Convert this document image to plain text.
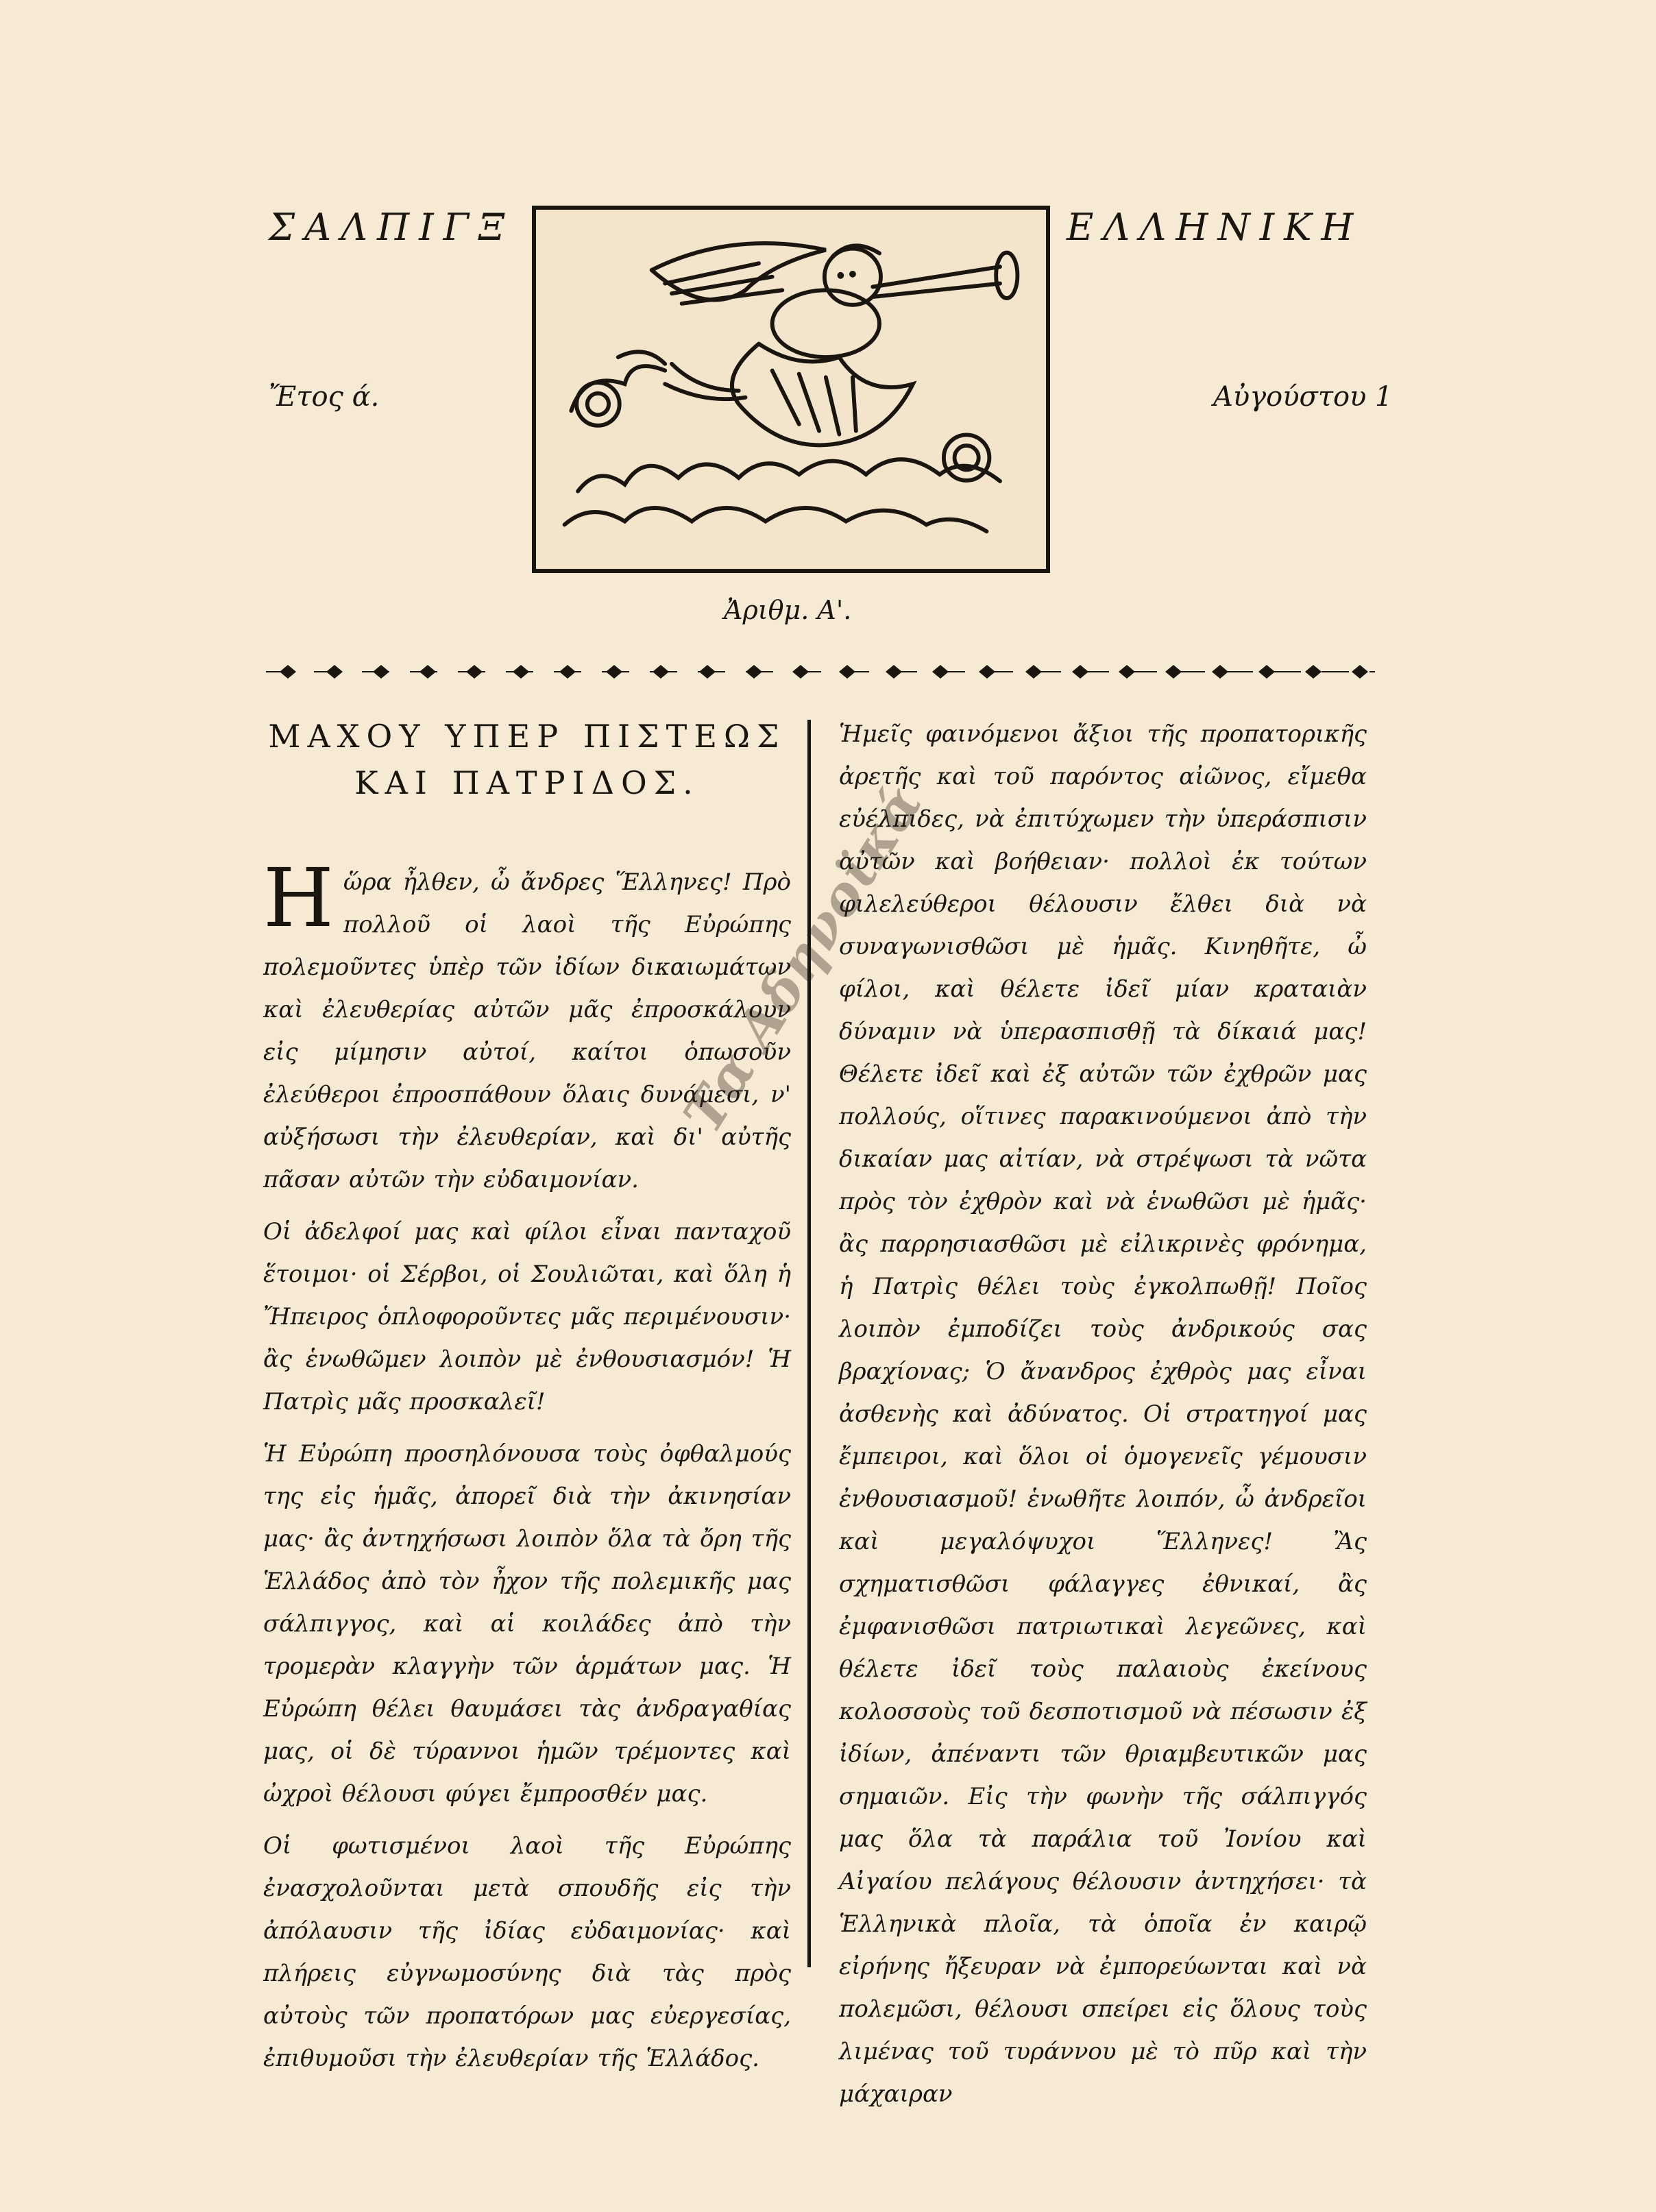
ΣΑΛΠΙΓΞ	ΕΛΛΗΝΙΚΗ
Ἔτος ά.	Αὐγούστου 1
Ἀριθμ. Α'.
ΜΑΧΟΥ ΥΠΕΡ ΠΙΣΤΕΩΣ
ΚΑΙ ΠΑΤΡΙΔΟΣ.

Ηὥρα ἦλθεν, ὦ ἄνδρες Ἕλληνες! Πρὸ πολλοῦ οἱ λαοὶ τῆς Εὐρώπης πολεμοῦντες ὑπὲρ τῶν ἰδίων δικαιωμάτων καὶ ἐλευθερίας αὐτῶν μᾶς ἐπροσκάλουν εἰς μίμησιν αὐτοί, καίτοι ὁπωσοῦν ἐλεύθεροι ἐπροσπάθουν ὅλαις δυνάμεσι, ν' αὐξήσωσι τὴν ἐλευθερίαν, καὶ δι' αὐτῆς πᾶσαν αὐτῶν τὴν εὐδαιμονίαν.

Οἱ ἀδελφοί μας καὶ φίλοι εἶναι πανταχοῦ ἕτοιμοι· οἱ Σέρβοι, οἱ Σουλιῶται, καὶ ὅλη ἡ Ἤπειρος ὁπλοφοροῦντες μᾶς περιμένουσιν· ἂς ἑνωθῶμεν λοιπὸν μὲ ἐνθουσιασμόν! Ἡ Πατρὶς μᾶς προσκαλεῖ!

Ἡ Εὐρώπη προσηλόνουσα τοὺς ὀφθαλμούς της εἰς ἡμᾶς, ἀπορεῖ διὰ τὴν ἀκινησίαν μας· ἂς ἀντηχήσωσι λοιπὸν ὅλα τὰ ὄρη τῆς Ἑλλάδος ἀπὸ τὸν ἦχον τῆς πολεμικῆς μας σάλπιγγος, καὶ αἱ κοιλάδες ἀπὸ τὴν τρομερὰν κλαγγὴν τῶν ἁρμάτων μας. Ἡ Εὐρώπη θέλει θαυμάσει τὰς ἀνδραγαθίας μας, οἱ δὲ τύραννοι ἡμῶν τρέμοντες καὶ ὠχροὶ θέλουσι φύγει ἔμπροσθέν μας.

Οἱ φωτισμένοι λαοὶ τῆς Εὐρώπης ἐνασχολοῦνται μετὰ σπουδῆς εἰς τὴν ἀπόλαυσιν τῆς ἰδίας εὐδαιμονίας· καὶ πλήρεις εὐγνωμοσύνης διὰ τὰς πρὸς αὐτοὺς τῶν προπατόρων μας εὐεργεσίας, ἐπιθυμοῦσι τὴν ἐλευθερίαν τῆς Ἑλλάδος.

Ἡμεῖς φαινόμενοι ἄξιοι τῆς προπατορικῆς ἀρετῆς καὶ τοῦ παρόντος αἰῶνος, εἴμεθα εὐέλπιδες, νὰ ἐπιτύχωμεν τὴν ὑπεράσπισιν αὐτῶν καὶ βοήθειαν· πολλοὶ ἐκ τούτων φιλελεύθεροι θέλουσιν ἔλθει διὰ νὰ συναγωνισθῶσι μὲ ἡμᾶς. Κινηθῆτε, ὦ φίλοι, καὶ θέλετε ἰδεῖ μίαν κραταιὰν δύναμιν νὰ ὑπερασπισθῇ τὰ δίκαιά μας! Θέλετε ἰδεῖ καὶ ἐξ αὐτῶν τῶν ἐχθρῶν μας πολλούς, οἵτινες παρακινούμενοι ἀπὸ τὴν δικαίαν μας αἰτίαν, νὰ στρέψωσι τὰ νῶτα πρὸς τὸν ἐχθρὸν καὶ νὰ ἑνωθῶσι μὲ ἡμᾶς· ἂς παρρησιασθῶσι μὲ εἰλικρινὲς φρόνημα, ἡ Πατρὶς θέλει τοὺς ἐγκολπωθῇ! Ποῖος λοιπὸν ἐμποδίζει τοὺς ἀνδρικούς σας βραχίονας; Ὁ ἄνανδρος ἐχθρὸς μας εἶναι ἀσθενὴς καὶ ἀδύνατος. Οἱ στρατηγοί μας ἔμπειροι, καὶ ὅλοι οἱ ὁμογενεῖς γέμουσιν ἐνθουσιασμοῦ! ἑνωθῆτε λοιπόν, ὦ ἀνδρεῖοι καὶ μεγαλόψυχοι Ἕλληνες! Ἂς σχηματισθῶσι φάλαγγες ἐθνικαί, ἂς ἐμφανισθῶσι πατριωτικαὶ λεγεῶνες, καὶ θέλετε ἰδεῖ τοὺς παλαιοὺς ἐκείνους κολοσσοὺς τοῦ δεσποτισμοῦ νὰ πέσωσιν ἐξ ἰδίων, ἀπέναντι τῶν θριαμβευτικῶν μας σημαιῶν. Εἰς τὴν φωνὴν τῆς σάλπιγγός μας ὅλα τὰ παράλια τοῦ Ἰονίου καὶ Αἰγαίου πελάγους θέλουσιν ἀντηχήσει· τὰ Ἑλληνικὰ πλοῖα, τὰ ὁποῖα ἐν καιρῷ εἰρήνης ἤξευραν νὰ ἐμπορεύωνται καὶ νὰ πολεμῶσι, θέλουσι σπείρει εἰς ὅλους τοὺς λιμένας τοῦ τυράννου μὲ τὸ πῦρ καὶ τὴν μάχαιραν

Τα Αδηνοϊκά
